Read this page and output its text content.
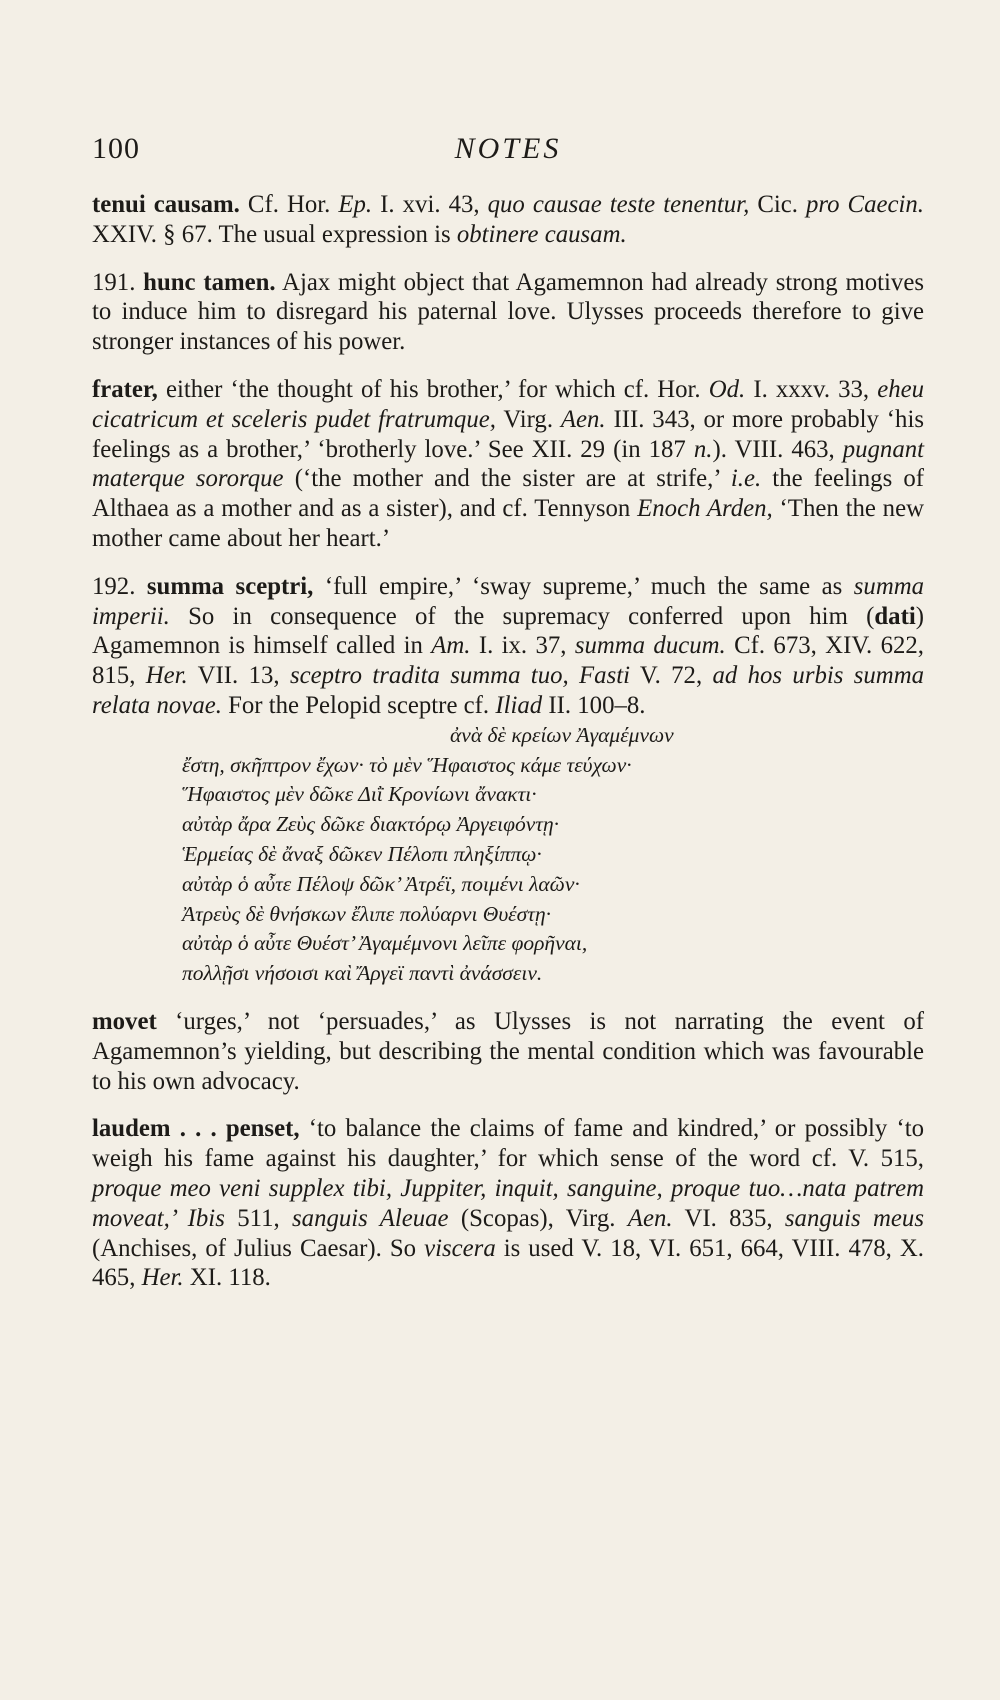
100	NOTES

tenui causam. Cf. Hor. Ep. I. xvi. 43, quo causae teste tenentur, Cic. pro Caecin. XXIV. § 67. The usual expression is obtinere causam.

191. hunc tamen. Ajax might object that Agamemnon had already strong motives to induce him to disregard his paternal love. Ulysses proceeds therefore to give stronger instances of his power.

frater, either ‘the thought of his brother,’ for which cf. Hor. Od. I. xxxv. 33, eheu cicatricum et sceleris pudet fratrumque, Virg. Aen. III. 343, or more probably ‘his feelings as a brother,’ ‘brotherly love.’ See XII. 29 (in 187 n.). VIII. 463, pugnant materque sororque (‘the mother and the sister are at strife,’ i.e. the feelings of Althaea as a mother and as a sister), and cf. Tennyson Enoch Arden, ‘Then the new mother came about her heart.’

192. summa sceptri, ‘full empire,’ ‘sway supreme,’ much the same as summa imperii. So in consequence of the supremacy conferred upon him (dati) Agamemnon is himself called in Am. I. ix. 37, summa ducum. Cf. 673, XIV. 622, 815, Her. VII. 13, sceptro tradita summa tuo, Fasti V. 72, ad hos urbis summa relata novae. For the Pelopid sceptre cf. Iliad II. 100–8.

ἀνὰ δὲ κρείων Ἀγαμέμνων
ἔστη, σκῆπτρον ἔχων· τὸ μὲν Ἥφαιστος κάμε τεύχων·
Ἥφαιστος μὲν δῶκε Διῒ Κρονίωνι ἄνακτι·
αὐτὰρ ἄρα Ζεὺς δῶκε διακτόρῳ Ἀργειφόντῃ·
Ἑρμείας δὲ ἄναξ δῶκεν Πέλοπι πληξίππῳ·
αὐτὰρ ὁ αὖτε Πέλοψ δῶκ’ Ἀτρέϊ, ποιμένι λαῶν·
Ἀτρεὺς δὲ θνήσκων ἔλιπε πολύαρνι Θυέστῃ·
αὐτὰρ ὁ αὖτε Θυέστ’ Ἀγαμέμνονι λεῖπε φορῆναι,
πολλῇσι νήσοισι καὶ Ἄργεϊ παντὶ ἀνάσσειν.

movet ‘urges,’ not ‘persuades,’ as Ulysses is not narrating the event of Agamemnon’s yielding, but describing the mental condition which was favourable to his own advocacy.

laudem . . . penset, ‘to balance the claims of fame and kindred,’ or possibly ‘to weigh his fame against his daughter,’ for which sense of the word cf. V. 515, proque meo veni supplex tibi, Juppiter, inquit, sanguine, proque tuo…nata patrem moveat,’ Ibis 511, sanguis Aleuae (Scopas), Virg. Aen. VI. 835, sanguis meus (Anchises, of Julius Caesar). So viscera is used V. 18, VI. 651, 664, VIII. 478, X. 465, Her. XI. 118.
